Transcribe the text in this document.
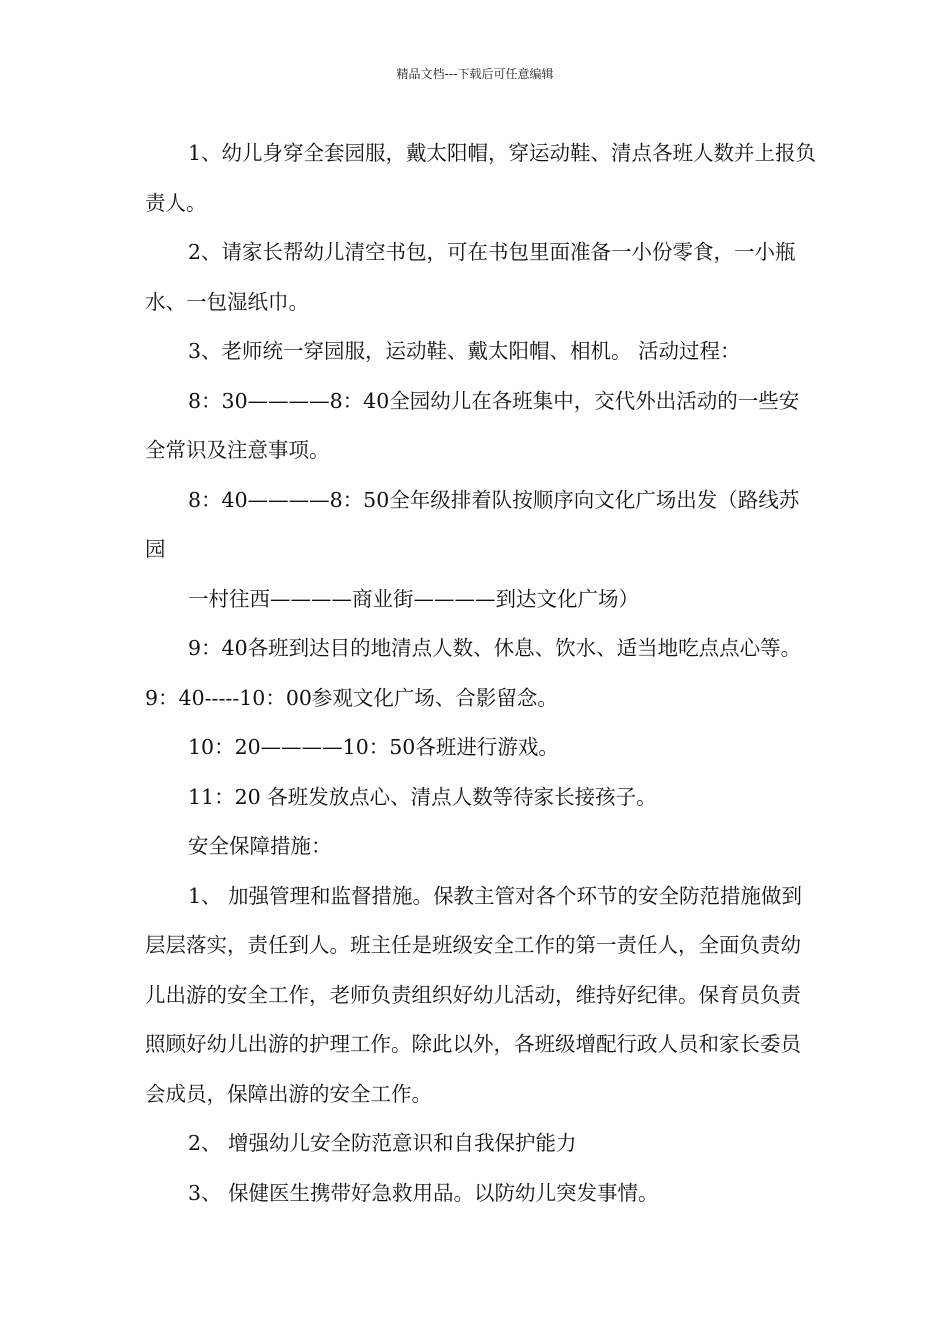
精品文档---下载后可任意编辑

1、幼儿身穿全套园服，戴太阳帽，穿运动鞋、清点各班人数并上报负责人。

2、请家长帮幼儿清空书包，可在书包里面准备一小份零食，一小瓶水、一包湿纸巾。

3、老师统一穿园服，运动鞋、戴太阳帽、相机。 活动过程：

8：30————8：40全园幼儿在各班集中，交代外出活动的一些安全常识及注意事项。

8：40————8：50全年级排着队按顺序向文化广场出发（路线苏园

一村往西————商业街————到达文化广场）

9：40各班到达目的地清点人数、休息、饮水、适当地吃点点心等。 9：40-----10：00参观文化广场、合影留念。

10：20————10：50各班进行游戏。

11：20 各班发放点心、清点人数等待家长接孩子。

安全保障措施：

1、 加强管理和监督措施。保教主管对各个环节的安全防范措施做到层层落实，责任到人。班主任是班级安全工作的第一责任人，全面负责幼儿出游的安全工作，老师负责组织好幼儿活动，维持好纪律。保育员负责照顾好幼儿出游的护理工作。除此以外，各班级增配行政人员和家长委员会成员，保障出游的安全工作。

2、 增强幼儿安全防范意识和自我保护能力

3、 保健医生携带好急救用品。以防幼儿突发事情。
